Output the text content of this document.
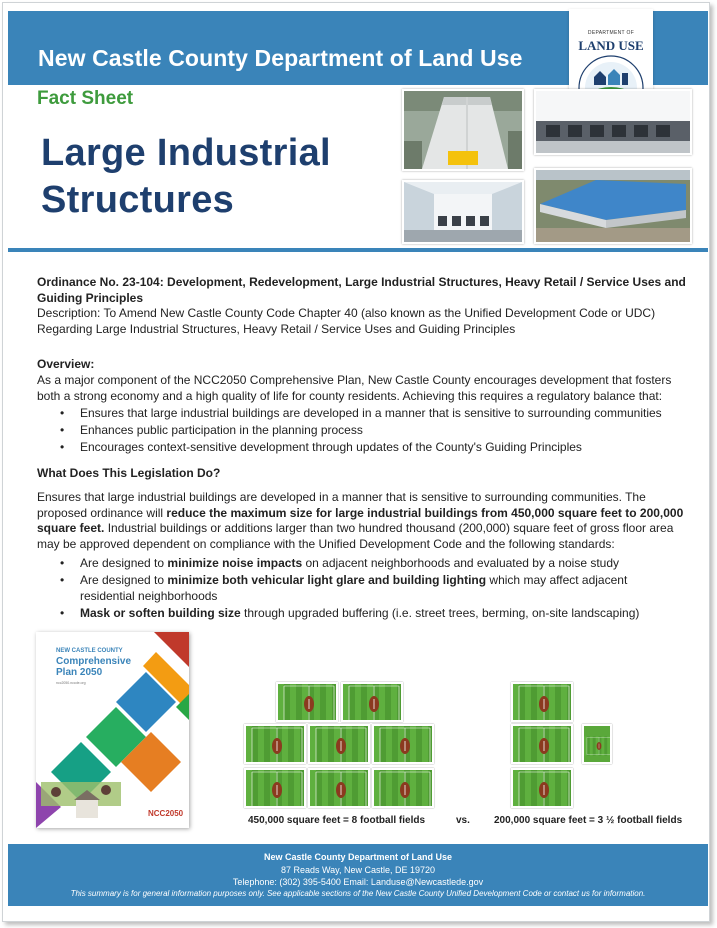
New Castle County Department of Land Use
DEPARTMENT OF
LAND USE
Fact Sheet
Large Industrial
Structures
Ordinance No. 23-104: Development, Redevelopment, Large Industrial Structures, Heavy Retail / Service Uses and Guiding Principles
Description: To Amend New Castle County Code Chapter 40 (also known as the Unified Development Code or UDC) Regarding Large Industrial Structures, Heavy Retail / Service Uses and Guiding Principles
Overview:
As a major component of the NCC2050 Comprehensive Plan, New Castle County encourages development that fosters both a strong economy and a high quality of life for county residents. Achieving this requires a regulatory balance that:
• Ensures that large industrial buildings are developed in a manner that is sensitive to surrounding communities
• Enhances public participation in the planning process
• Encourages context-sensitive development through updates of the County's Guiding Principles
What Does This Legislation Do?
Ensures that large industrial buildings are developed in a manner that is sensitive to surrounding communities. The proposed ordinance will reduce the maximum size for large industrial buildings from 450,000 square feet to 200,000 square feet. Industrial buildings or additions larger than two hundred thousand (200,000) square feet of gross floor area may be approved dependent on compliance with the Unified Development Code and the following standards:
• Are designed to minimize noise impacts on adjacent neighborhoods and evaluated by a noise study
• Are designed to minimize both vehicular light glare and building lighting which may affect adjacent residential neighborhoods
• Mask or soften building size through upgraded buffering (i.e. street trees, berming, on-site landscaping)
NEW CASTLE COUNTY
Comprehensive Plan 2050
ncc2050.nccde.org
NCC2050
450,000 square feet = 8 football fields	vs. 200,000 square feet = 3 ½ football fields
New Castle County Department of Land Use
87 Reads Way, New Castle, DE 19720
Telephone: (302) 395-5400 Email: Landuse@Newcastlede.gov
This summary is for general information purposes only. See applicable sections of the New Castle County Unified Development Code or contact us for information.
